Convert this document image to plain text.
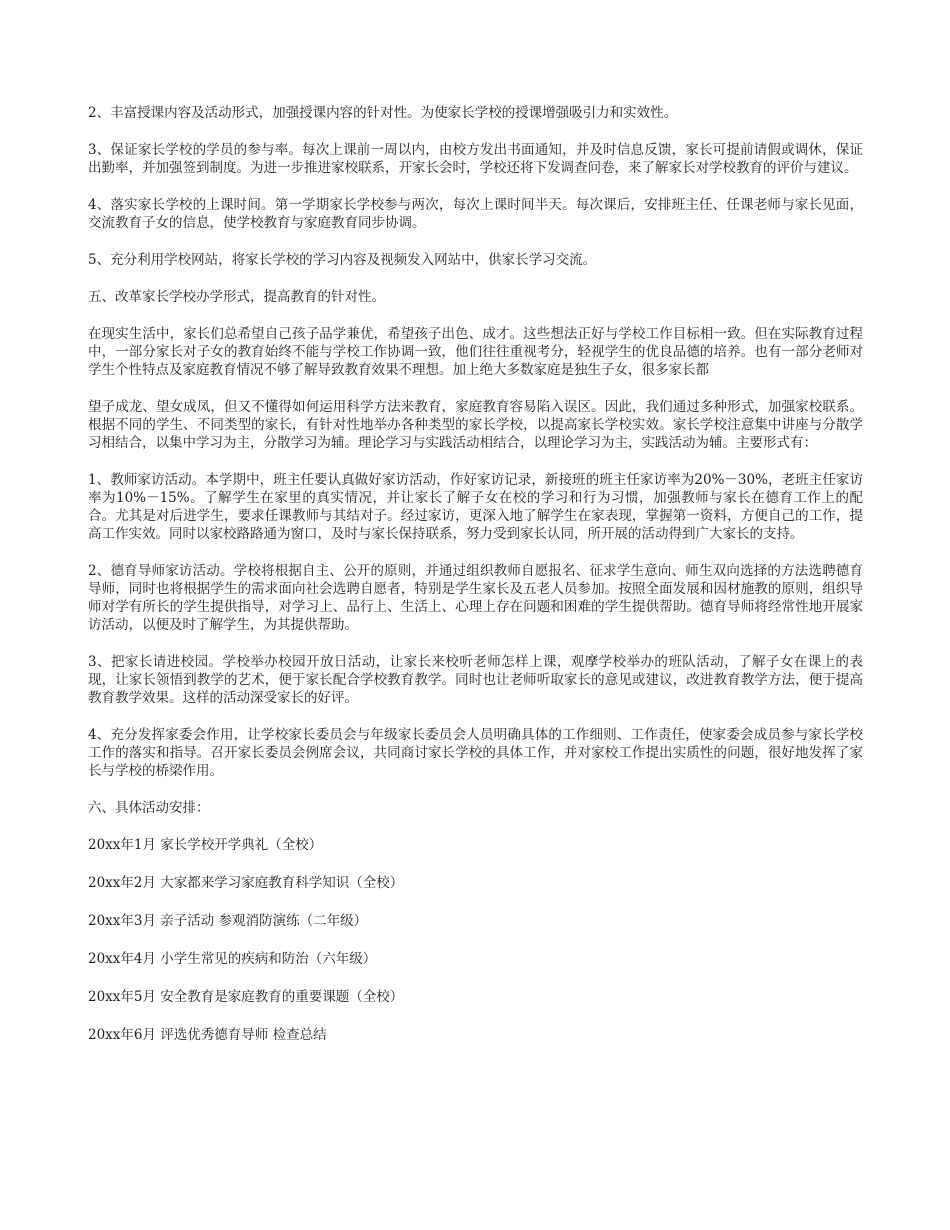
2、丰富授课内容及活动形式，加强授课内容的针对性。为使家长学校的授课增强吸引力和实效性。

3、保证家长学校的学员的参与率。每次上课前一周以内，由校方发出书面通知，并及时信息反馈，家长可提前请假或调休，保证出勤率，并加强签到制度。为进一步推进家校联系，开家长会时，学校还将下发调查问卷，来了解家长对学校教育的评价与建议。

4、落实家长学校的上课时间。第一学期家长学校参与两次，每次上课时间半天。每次课后，安排班主任、任课老师与家长见面，交流教育子女的信息，使学校教育与家庭教育同步协调。

5、充分利用学校网站，将家长学校的学习内容及视频发入网站中，供家长学习交流。

五、改革家长学校办学形式，提高教育的针对性。

在现实生活中，家长们总希望自己孩子品学兼优，希望孩子出色、成才。这些想法正好与学校工作目标相一致。但在实际教育过程中，一部分家长对子女的教育始终不能与学校工作协调一致，他们往往重视考分，轻视学生的优良品德的培养。也有一部分老师对学生个性特点及家庭教育情况不够了解导致教育效果不理想。加上绝大多数家庭是独生子女，很多家长都

望子成龙、望女成凤，但又不懂得如何运用科学方法来教育，家庭教育容易陷入误区。因此，我们通过多种形式，加强家校联系。根据不同的学生、不同类型的家长，有针对性地举办各种类型的家长学校，以提高家长学校实效。家长学校注意集中讲座与分散学习相结合，以集中学习为主，分散学习为辅。理论学习与实践活动相结合，以理论学习为主，实践活动为辅。主要形式有：

1、教师家访活动。本学期中，班主任要认真做好家访活动，作好家访记录，新接班的班主任家访率为20%－30%，老班主任家访率为10%－15%。了解学生在家里的真实情况，并让家长了解子女在校的学习和行为习惯，加强教师与家长在德育工作上的配合。尤其是对后进学生，要求任课教师与其结对子。经过家访，更深入地了解学生在家表现，掌握第一资料，方便自己的工作，提高工作实效。同时以家校路路通为窗口，及时与家长保持联系，努力受到家长认同，所开展的活动得到广大家长的支持。

2、德育导师家访活动。学校将根据自主、公开的原则，并通过组织教师自愿报名、征求学生意向、师生双向选择的方法选聘德育导师，同时也将根据学生的需求面向社会选聘自愿者，特别是学生家长及五老人员参加。按照全面发展和因材施教的原则，组织导师对学有所长的学生提供指导，对学习上、品行上、生活上、心理上存在问题和困难的学生提供帮助。德育导师将经常性地开展家访活动，以便及时了解学生，为其提供帮助。

3、把家长请进校园。学校举办校园开放日活动，让家长来校听老师怎样上课，观摩学校举办的班队活动，了解子女在课上的表现，让家长领悟到教学的艺术，便于家长配合学校教育教学。同时也让老师听取家长的意见或建议，改进教育教学方法，便于提高教育教学效果。这样的活动深受家长的好评。

4、充分发挥家委会作用，让学校家长委员会与年级家长委员会人员明确具体的工作细则、工作责任，使家委会成员参与家长学校工作的落实和指导。召开家长委员会例席会议，共同商讨家长学校的具体工作，并对家校工作提出实质性的问题，很好地发挥了家长与学校的桥梁作用。

六、具体活动安排：

20xx年1月 家长学校开学典礼（全校）
20xx年2月 大家都来学习家庭教育科学知识（全校）
20xx年3月 亲子活动 参观消防演练（二年级）
20xx年4月 小学生常见的疾病和防治（六年级）
20xx年5月 安全教育是家庭教育的重要课题（全校）
20xx年6月 评选优秀德育导师 检查总结
